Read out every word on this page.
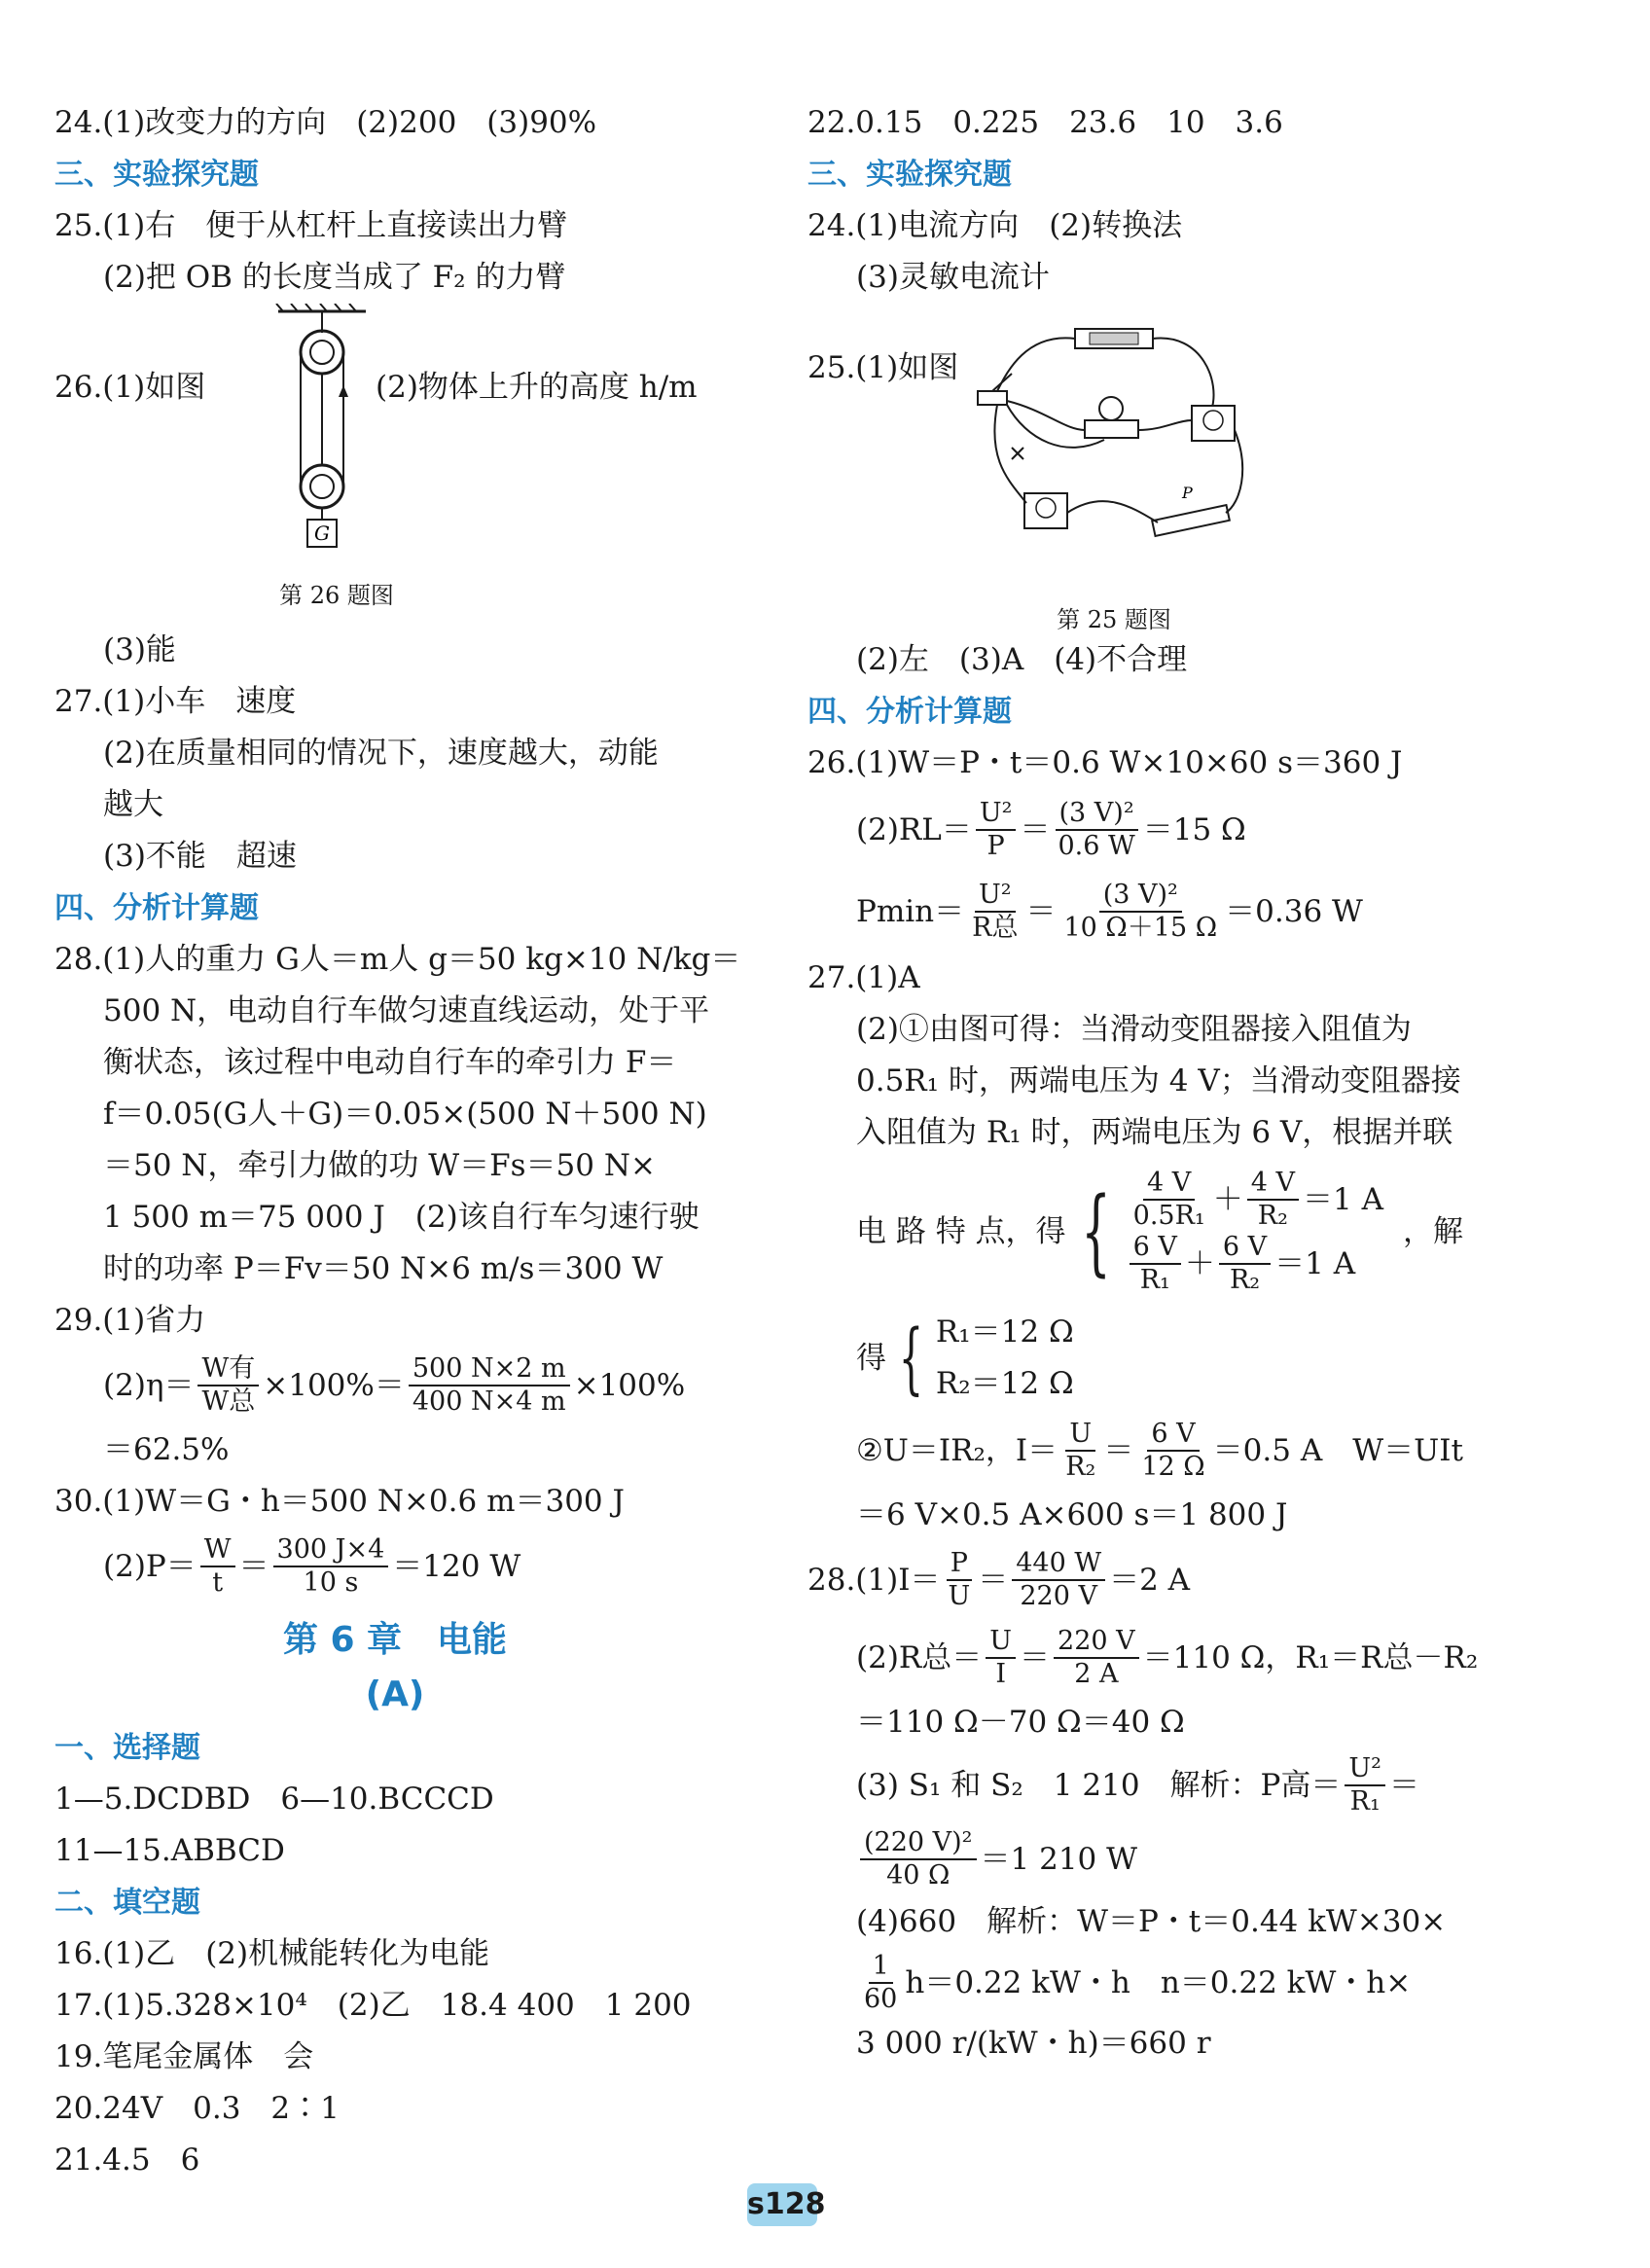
24.(1)改变力的方向　(2)200　(3)90%
三、实验探究题
25.(1)右　便于从杠杆上直接读出力臂
(2)把 OB 的长度当成了 F₂ 的力臂
26.(1)如图	(2)物体上升的高度 h/m
G
第 26 题图
(3)能
27.(1)小车　速度
(2)在质量相同的情况下，速度越大，动能
越大
(3)不能　超速
四、分析计算题
28.(1)人的重力 G人＝m人 g＝50 kg×10 N/kg＝
500 N，电动自行车做匀速直线运动，处于平
衡状态，该过程中电动自行车的牵引力 F＝
f＝0.05(G人＋G)＝0.05×(500 N＋500 N)
＝50 N，牵引力做的功 W＝Fs＝50 N×
1 500 m＝75 000 J　(2)该自行车匀速行驶
时的功率 P＝Fv＝50 N×6 m/s＝300 W
29.(1)省力
$(2)\eta= \frac{\text{W有}}{\text{W总}} \times 100\%= \frac{500 N\times 2 m}{400 N\times 4 m} \times 100\%$
＝62.5%
30.(1)W＝G・h＝500 N×0.6 m＝300 J
$(2)P= \frac{W}{t} = \frac{300 J\times 4}{10 s} =120$ W
第 6 章　电能
(A)
一、选择题
1—5.DCDBD　6—10.BCCCD
11—15.ABBCD
二、填空题
16.(1)乙　(2)机械能转化为电能
17.(1)5.328×10⁴　(2)乙　18.4 400　1 200
19.笔尾金属体　会
20.24V　0.3　2∶1
21.4.5　6
22.0.15　0.225　23.6　10　3.6
三、实验探究题
24.(1)电流方向　(2)转换法
(3)灵敏电流计
25.(1)如图
P
第 25 题图
(2)左　(3)A　(4)不合理
四、分析计算题
26.(1)W＝P・t＝0.6 W×10×60 s＝360 J
$(2)RL= \frac{\text{U²}}{P} = \frac{\text{(3 V)²}}{0.6 W} =15$ Ω
$Pmin= \frac{\text{U²}}{\text{R总}} = \frac{\text{(3 V)²}}{10 \Omega+15 \Omega} =0.36$ W
27.(1)A
(2)①由图可得：当滑动变阻器接入阻值为
0.5R₁ 时，两端电压为 4 V；当滑动变阻器接
入阻值为 R₁ 时，两端电压为 6 V，根据并联
电 路 特 点，得 { $\frac{4 V}{\text{0.5R₁}} + \frac{4 V}{\text{R₂}} =1$ A
$\frac{6 V}{\text{R₁}} + \frac{6 V}{\text{R₂}} =1$ A
，解
得 { R₁＝12 Ω
R₂＝12 Ω
②U＝IR₂，$I= \frac{U}{\text{R₂}} = \frac{6 V}{12 \Omega} =0.5$ A　W＝UIt
＝6 V×0.5 A×600 s＝1 800 J
$28.(1)I= \frac{P}{U} = \frac{440 W}{220 V} =2$ A
(2)R总＝ $\frac{U}{I} = \frac{220 V}{2 A} =110$ Ω，R₁＝R总－R₂
＝110 Ω－70 Ω＝40 Ω
(3) S₁ 和 S₂　1 210　解析：P高＝ $\frac{\text{U²}}{\text{R₁}}$ ＝
$\frac{\text{(220 V)²}}{40 \Omega} =1$ 210 W
(4)660　解析：W＝P・t＝0.44 kW×30×
$\frac{1}{60} h=0.22$ kW・h　n＝0.22 kW・h×
3 000 r/(kW・h)＝660 r
s128
